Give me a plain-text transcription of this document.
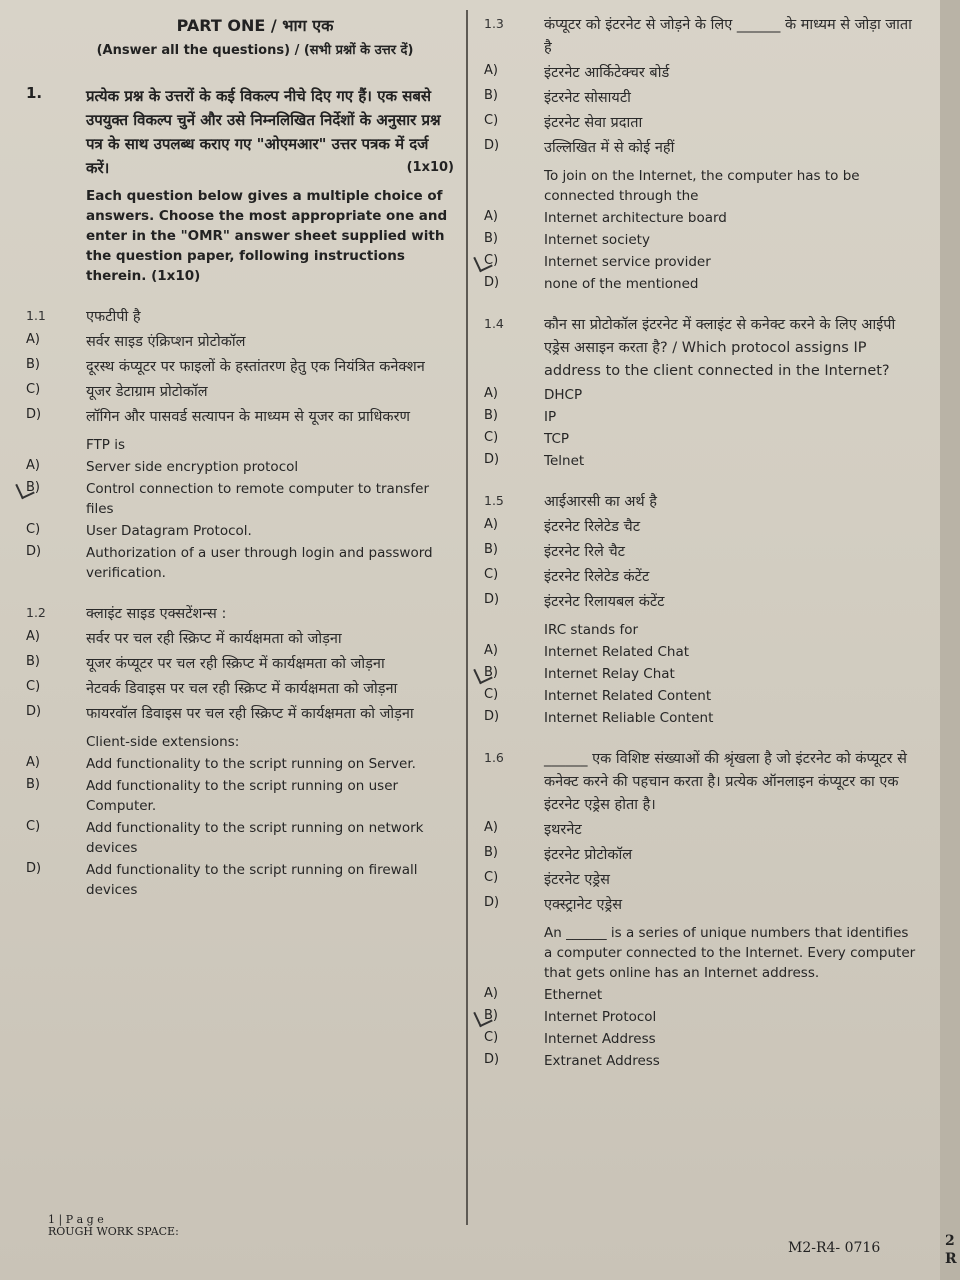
PART ONE / भाग एक
(Answer all the questions) / (सभी प्रश्नों के उत्तर दें)
1.	प्रत्येक प्रश्न के उत्तरों के कई विकल्प नीचे दिए गए हैं। एक सबसे उपयुक्त विकल्प चुनें और उसे निम्नलिखित निर्देशों के अनुसार प्रश्न पत्र के साथ उपलब्ध कराए गए "ओएमआर" उत्तर पत्रक में दर्ज करें।	(1x10)
Each question below gives a multiple choice of answers. Choose the most appropriate one and enter in the "OMR" answer sheet supplied with the question paper, following instructions therein. (1x10)
1.1	एफटीपी है
A)	सर्वर साइड एंक्रिप्शन प्रोटोकॉल
B)	दूरस्थ कंप्यूटर पर फाइलों के हस्तांतरण हेतु एक नियंत्रित कनेक्शन
C)	यूजर डेटाग्राम प्रोटोकॉल
D)	लॉगिन और पासवर्ड सत्यापन के माध्यम से यूजर का प्राधिकरण
FTP is
A)	Server side encryption protocol
B)	Control connection to remote computer to transfer files
C)	User Datagram Protocol.
D)	Authorization of a user through login and password verification.
1.2	क्लाइंट साइड एक्सटेंशन्स :
A)	सर्वर पर चल रही स्क्रिप्ट में कार्यक्षमता को जोड़ना
B)	यूजर कंप्यूटर पर चल रही स्क्रिप्ट में कार्यक्षमता को जोड़ना
C)	नेटवर्क डिवाइस पर चल रही स्क्रिप्ट में कार्यक्षमता को जोड़ना
D)	फायरवॉल डिवाइस पर चल रही स्क्रिप्ट में कार्यक्षमता को जोड़ना
Client-side extensions:
A)	Add functionality to the script running on Server.
B)	Add functionality to the script running on user Computer.
C)	Add functionality to the script running on network devices
D)	Add functionality to the script running on firewall devices
1.3	कंप्यूटर को इंटरनेट से जोड़ने के लिए ______ के माध्यम से जोड़ा जाता है
A)	इंटरनेट आर्किटेक्चर बोर्ड
B)	इंटरनेट सोसायटी
C)	इंटरनेट सेवा प्रदाता
D)	उल्लिखित में से कोई नहीं
To join on the Internet, the computer has to be connected through the
A)	Internet architecture board
B)	Internet society
C)	Internet service provider
D)	none of the mentioned
1.4	कौन सा प्रोटोकॉल इंटरनेट में क्लाइंट से कनेक्ट करने के लिए आईपी एड्रेस असाइन करता है? / Which protocol assigns IP address to the client connected in the Internet?
A)	DHCP
B)	IP
C)	TCP
D)	Telnet
1.5	आईआरसी का अर्थ है
A)	इंटरनेट रिलेटेड चैट
B)	इंटरनेट रिले चैट
C)	इंटरनेट रिलेटेड कंटेंट
D)	इंटरनेट रिलायबल कंटेंट
IRC stands for
A)	Internet Related Chat
B)	Internet Relay Chat
C)	Internet Related Content
D)	Internet Reliable Content
1.6	______ एक विशिष्ट संख्याओं की श्रृंखला है जो इंटरनेट को कंप्यूटर से कनेक्ट करने की पहचान करता है। प्रत्येक ऑनलाइन कंप्यूटर का एक इंटरनेट एड्रेस होता है।
A)	इथरनेट
B)	इंटरनेट प्रोटोकॉल
C)	इंटरनेट एड्रेस
D)	एक्स्ट्रानेट एड्रेस
An ______ is a series of unique numbers that identifies a computer connected to the Internet. Every computer that gets online has an Internet address.
A)	Ethernet
B)	Internet Protocol
C)	Internet Address
D)	Extranet Address
1 | P a g e
ROUGH WORK SPACE:
M2-R4- 0716	2
R
